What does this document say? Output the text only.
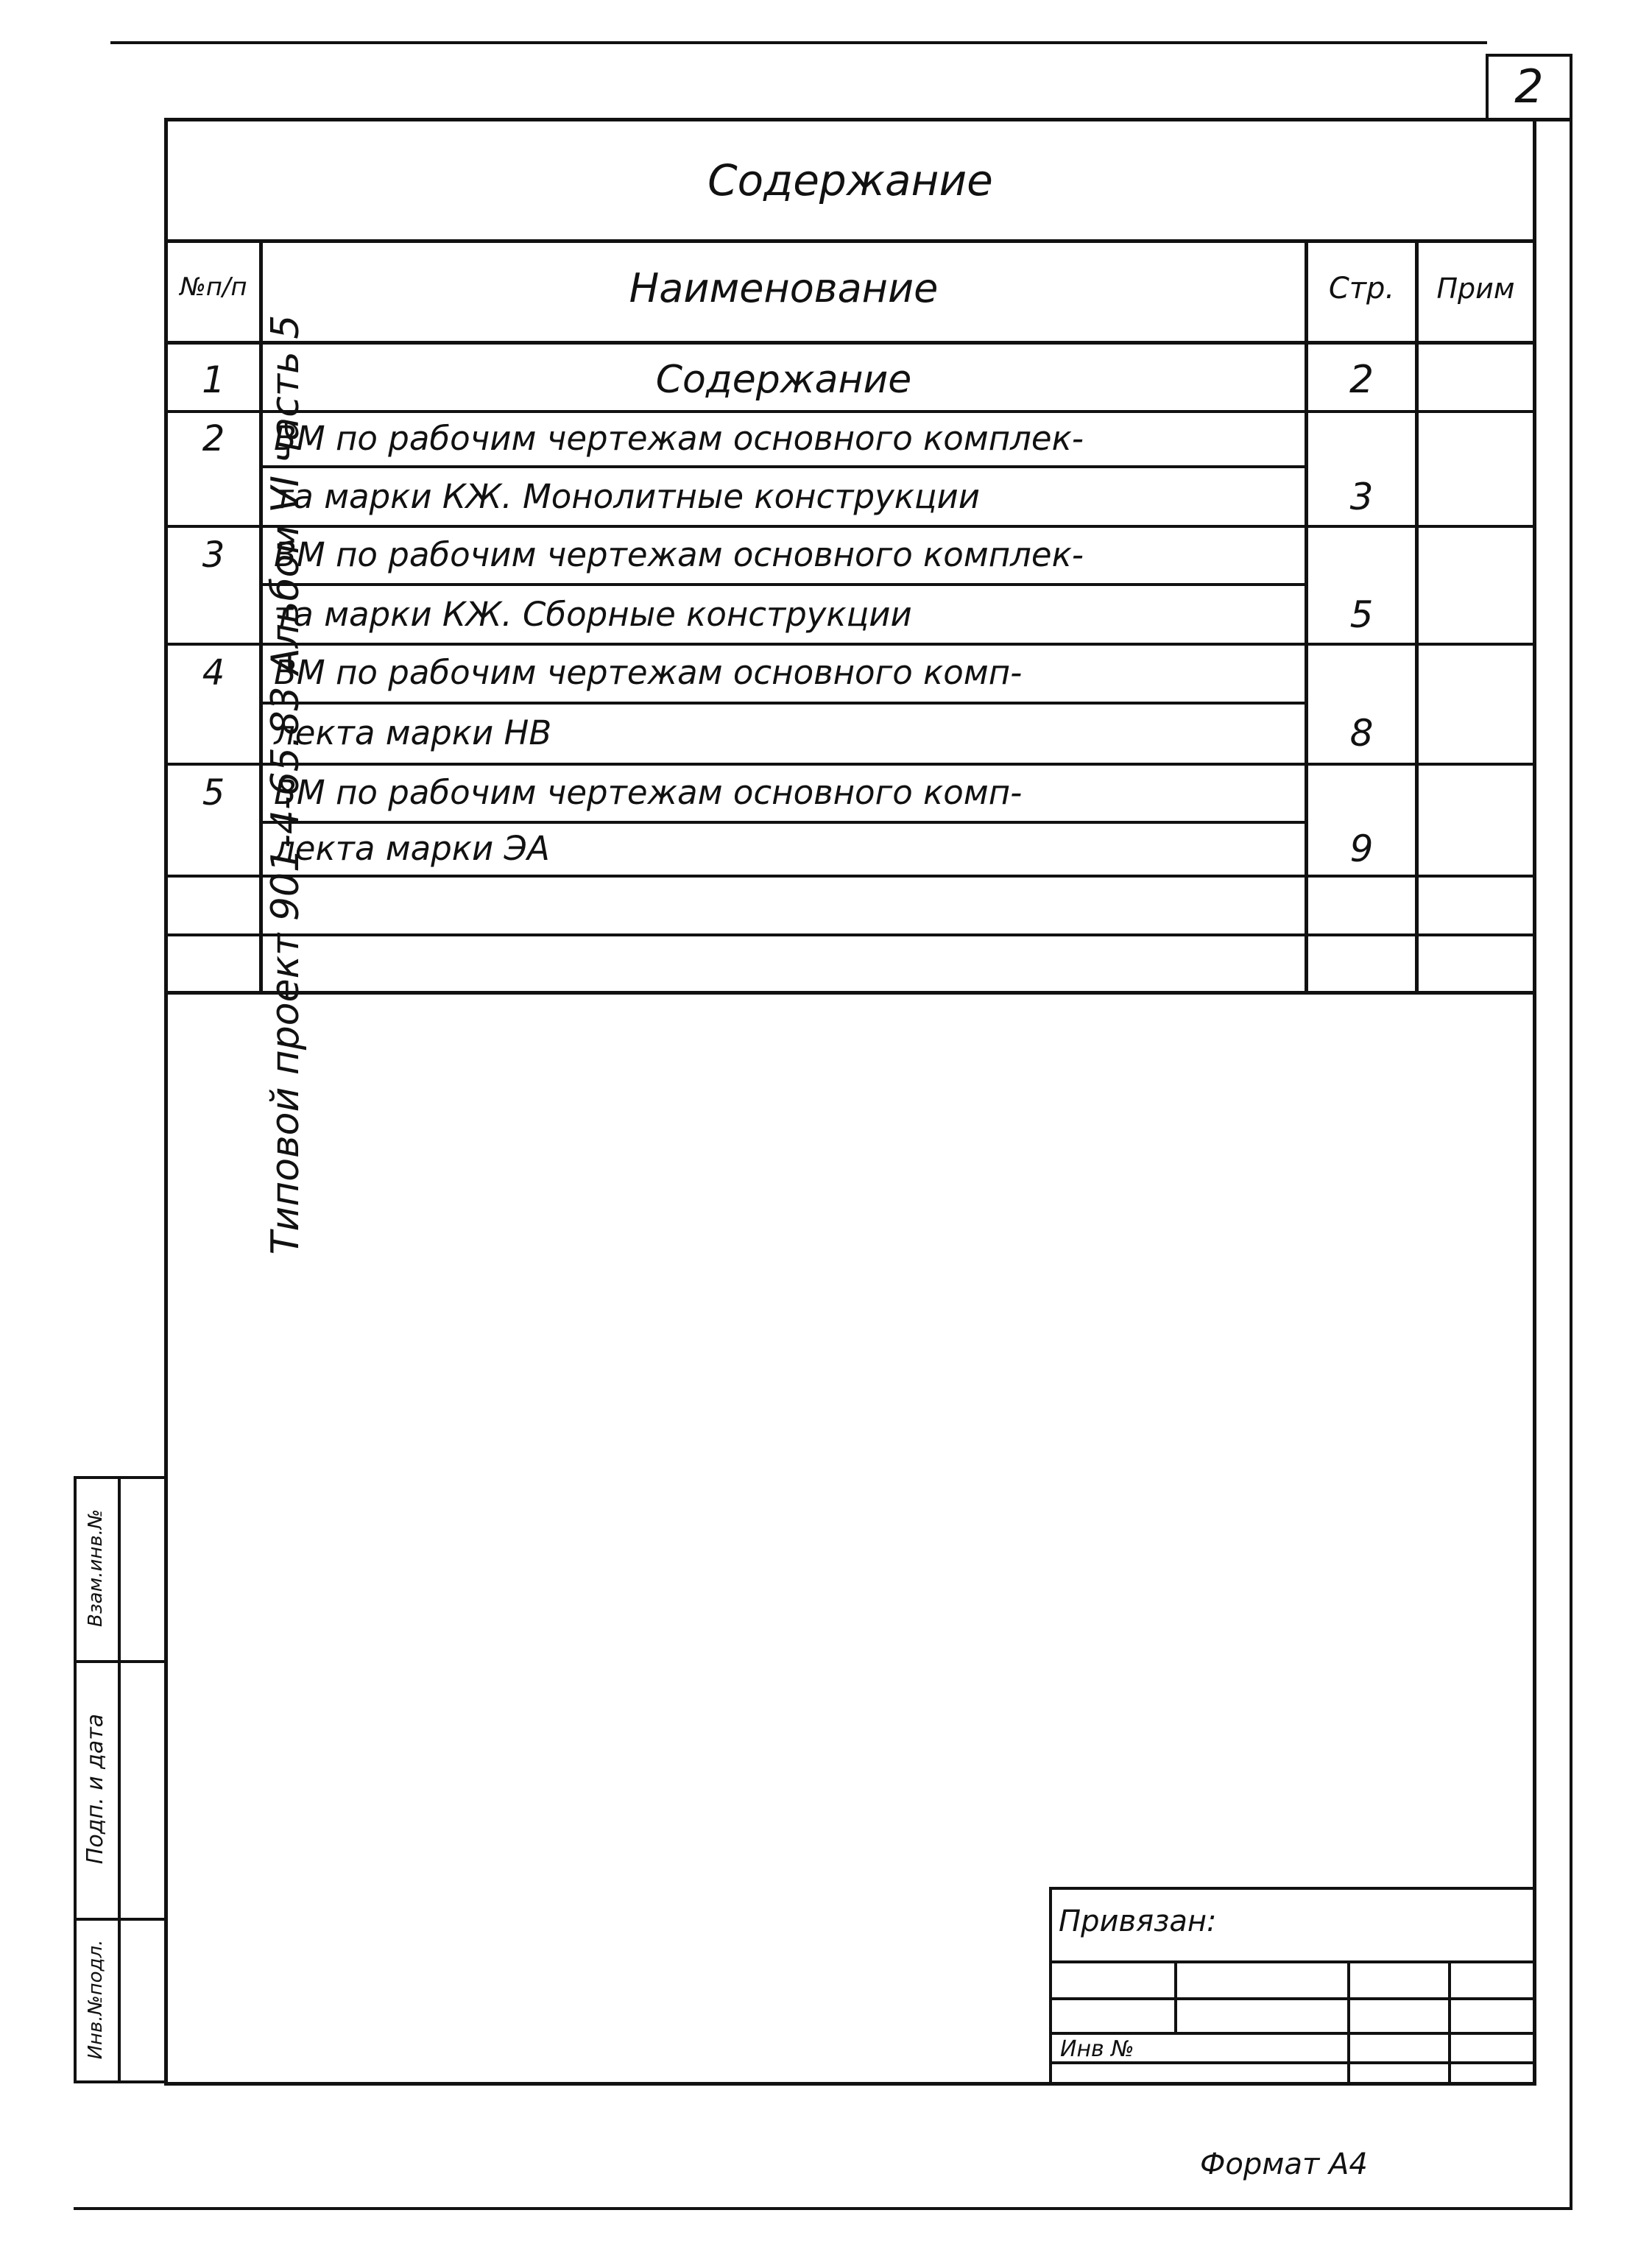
2
Содержание
№п/п	Наименование	Стр.	Прим
1	Содержание	2
2	ВМ по рабочим чертежам основного комплек-
та марки КЖ. Монолитные конструкции	3
3	ВМ по рабочим чертежам основного комплек-
та марки КЖ. Сборные конструкции	5
4	ВМ по рабочим чертежам основного комп-
лекта марки НВ	8
5	ВМ по рабочим чертежам основного комп-
лекта марки ЭА	9
Взам.инв.№
Подп. и дата
Инв.№подл.
Типовой проект 901-4-65.83 Альбом VI часть 5
Привязан:
Инв №
Формат А4
